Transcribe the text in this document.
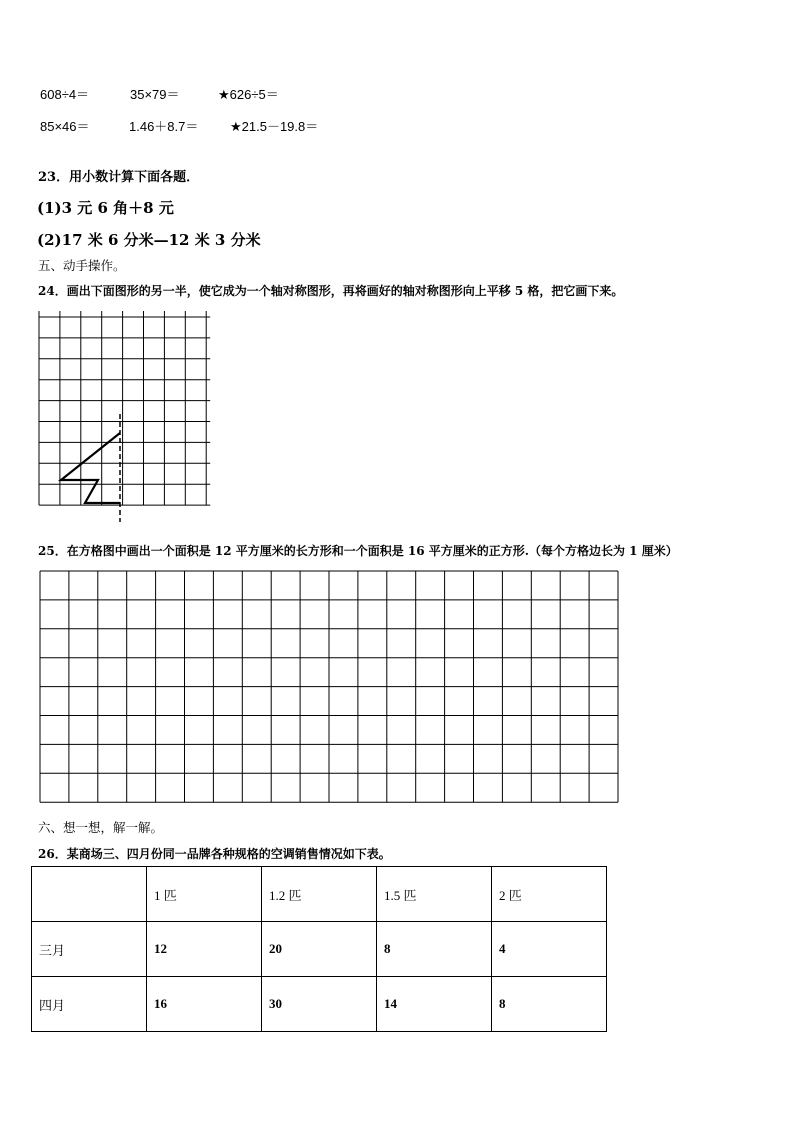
608÷4＝	35×79＝	★626÷5＝
85×46＝	1.46＋8.7＝ ★21.5－19.8＝
23．用小数计算下面各题．
(1)3 元 6 角＋8 元
(2)17 米 6 分米—12 米 3 分米
五、动手操作。
24．画出下面图形的另一半，使它成为一个轴对称图形，再将画好的轴对称图形向上平移 5 格，把它画下来。
25．在方格图中画出一个面积是 12 平方厘米的长方形和一个面积是 16 平方厘米的正方形.（每个方格边长为 1 厘米）
六、想一想，解一解。
26．某商场三、四月份同一品牌各种规格的空调销售情况如下表。
	1 匹	1.2 匹	1.5 匹	2 匹
三月	12	20	8	4
四月	16	30	14	8
